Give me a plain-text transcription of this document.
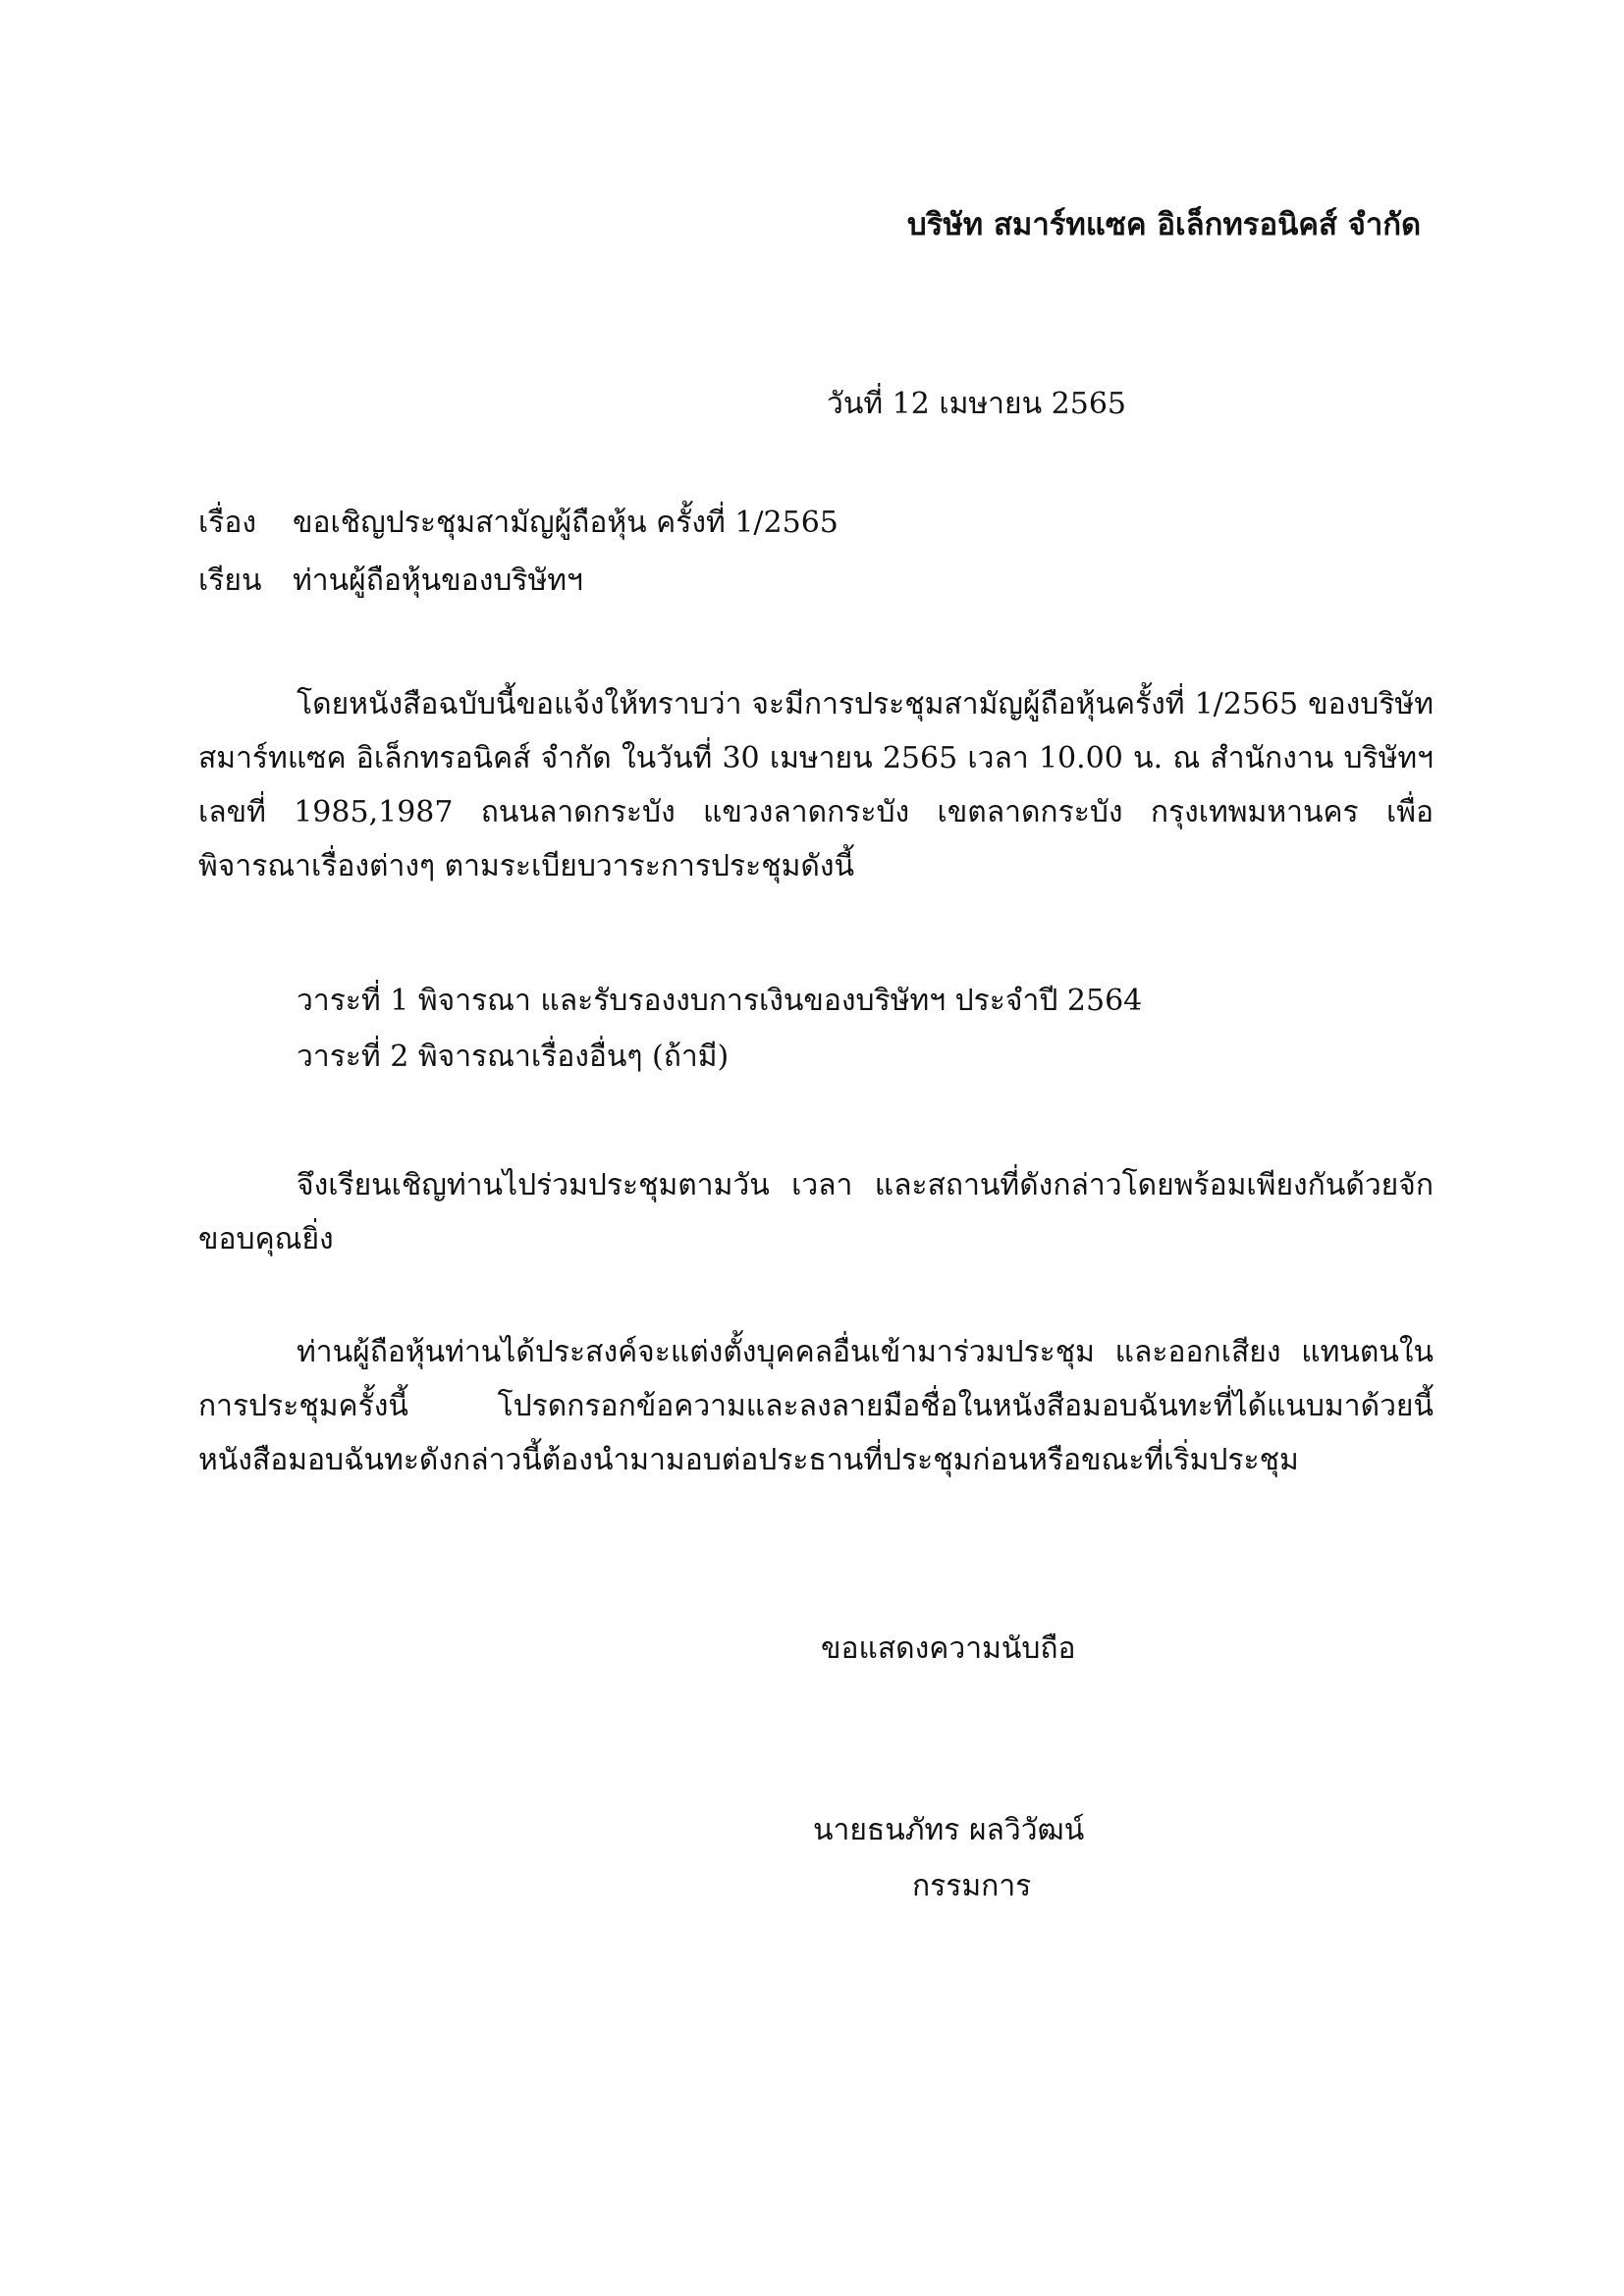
บริษัท สมาร์ทแซค อิเล็กทรอนิคส์ จำกัด
วันที่ 12 เมษายน 2565
เรื่อง ขอเชิญประชุมสามัญผู้ถือหุ้น ครั้งที่ 1/2565
เรียน ท่านผู้ถือหุ้นของบริษัทฯ
โดยหนังสือฉบับนี้ขอแจ้งให้ทราบว่า จะมีการประชุมสามัญผู้ถือหุ้นครั้งที่ 1/2565 ของบริษัท สมาร์ทแซค อิเล็กทรอนิคส์ จำกัด ในวันที่ 30 เมษายน 2565 เวลา 10.00 น. ณ สำนักงาน บริษัทฯ เลขที่ 1985,1987 ถนนลาดกระบัง แขวงลาดกระบัง เขตลาดกระบัง กรุงเทพมหานคร เพื่อพิจารณาเรื่องต่างๆ ตามระเบียบวาระการประชุมดังนี้
วาระที่ 1 พิจารณา และรับรองงบการเงินของบริษัทฯ ประจำปี 2564
วาระที่ 2 พิจารณาเรื่องอื่นๆ (ถ้ามี)
จึงเรียนเชิญท่านไปร่วมประชุมตามวัน เวลา และสถานที่ดังกล่าวโดยพร้อมเพียงกันด้วยจักขอบคุณยิ่ง
ท่านผู้ถือหุ้นท่านได้ประสงค์จะแต่งตั้งบุคคลอื่นเข้ามาร่วมประชุม และออกเสียง แทนตนในการประชุมครั้งนี้ โปรดกรอกข้อความและลงลายมือชื่อในหนังสือมอบฉันทะที่ได้แนบมาด้วยนี้ หนังสือมอบฉันทะดังกล่าวนี้ต้องนำมามอบต่อประธานที่ประชุมก่อนหรือขณะที่เริ่มประชุม
ขอแสดงความนับถือ
นายธนภัทร ผลวิวัฒน์
กรรมการ
